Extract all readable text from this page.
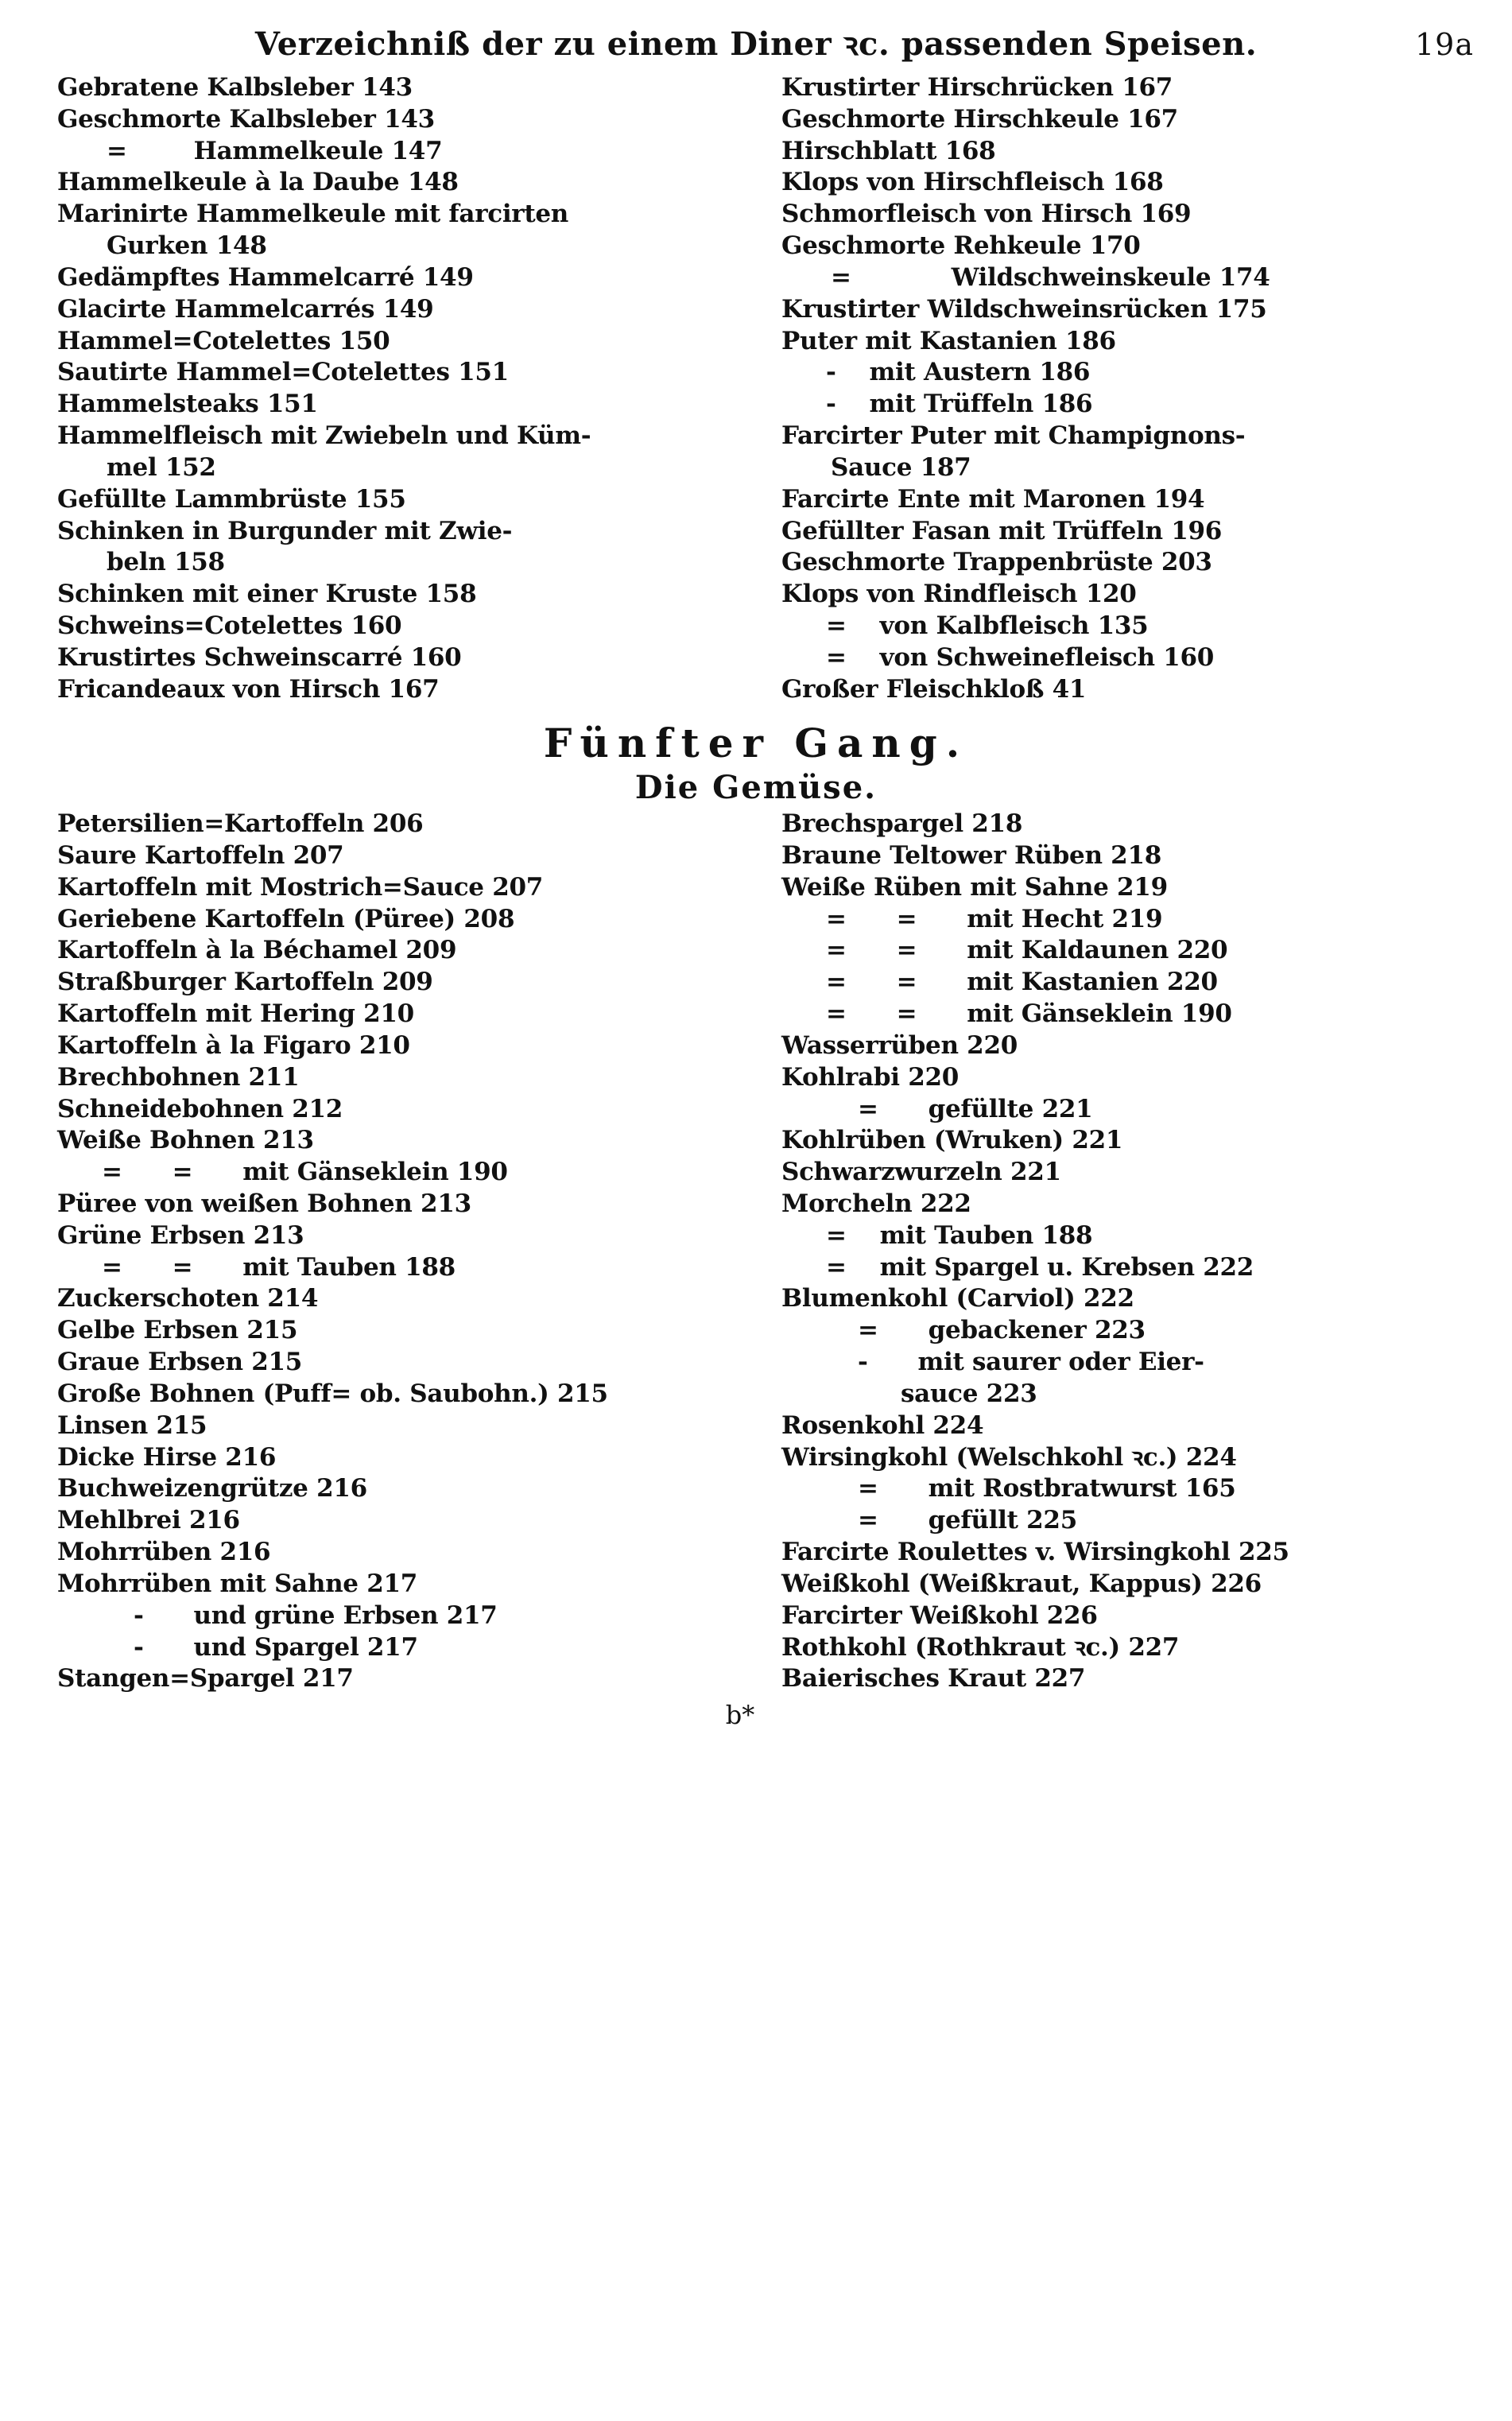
Verzeichniß der zu einem Diner ꝛc. passenden Speisen.	19a
Gebratene Kalbsleber 143
Geschmorte Kalbsleber 143
=        Hammelkeule 147
Hammelkeule à la Daube 148
Marinirte Hammelkeule mit farcirten
Gurken 148
Gedämpftes Hammelcarré 149
Glacirte Hammelcarrés 149
Hammel=Cotelettes 150
Sautirte Hammel=Cotelettes 151
Hammelsteaks 151
Hammelfleisch mit Zwiebeln und Küm-
mel 152
Gefüllte Lammbrüste 155
Schinken in Burgunder mit Zwie-
beln 158
Schinken mit einer Kruste 158
Schweins=Cotelettes 160
Krustirtes Schweinscarré 160
Fricandeaux von Hirsch 167
Krustirter Hirschrücken 167
Geschmorte Hirschkeule 167
Hirschblatt 168
Klops von Hirschfleisch 168
Schmorfleisch von Hirsch 169
Geschmorte Rehkeule 170
=            Wildschweinskeule 174
Krustirter Wildschweinsrücken 175
Puter mit Kastanien 186
-    mit Austern 186
-    mit Trüffeln 186
Farcirter Puter mit Champignons-
Sauce 187
Farcirte Ente mit Maronen 194
Gefüllter Fasan mit Trüffeln 196
Geschmorte Trappenbrüste 203
Klops von Rindfleisch 120
=    von Kalbfleisch 135
=    von Schweinefleisch 160
Großer Fleischkloß 41
Fünfter Gang.
Die Gemüse.
Petersilien=Kartoffeln 206
Saure Kartoffeln 207
Kartoffeln mit Mostrich=Sauce 207
Geriebene Kartoffeln (Püree) 208
Kartoffeln à la Béchamel 209
Straßburger Kartoffeln 209
Kartoffeln mit Hering 210
Kartoffeln à la Figaro 210
Brechbohnen 211
Schneidebohnen 212
Weiße Bohnen 213
=      =      mit Gänseklein 190
Püree von weißen Bohnen 213
Grüne Erbsen 213
=      =      mit Tauben 188
Zuckerschoten 214
Gelbe Erbsen 215
Graue Erbsen 215
Große Bohnen (Puff= ob. Saubohn.) 215
Linsen 215
Dicke Hirse 216
Buchweizengrütze 216
Mehlbrei 216
Mohrrüben 216
Mohrrüben mit Sahne 217
-      und grüne Erbsen 217
-      und Spargel 217
Stangen=Spargel 217
Brechspargel 218
Braune Teltower Rüben 218
Weiße Rüben mit Sahne 219
=      =      mit Hecht 219
=      =      mit Kaldaunen 220
=      =      mit Kastanien 220
=      =      mit Gänseklein 190
Wasserrüben 220
Kohlrabi 220
=      gefüllte 221
Kohlrüben (Wruken) 221
Schwarzwurzeln 221
Morcheln 222
=    mit Tauben 188
=    mit Spargel u. Krebsen 222
Blumenkohl (Carviol) 222
=      gebackener 223
-      mit saurer oder Eier-
sauce 223
Rosenkohl 224
Wirsingkohl (Welschkohl ꝛc.) 224
=      mit Rostbratwurst 165
=      gefüllt 225
Farcirte Roulettes v. Wirsingkohl 225
Weißkohl (Weißkraut, Kappus) 226
Farcirter Weißkohl 226
Rothkohl (Rothkraut ꝛc.) 227
Baierisches Kraut 227
b*
